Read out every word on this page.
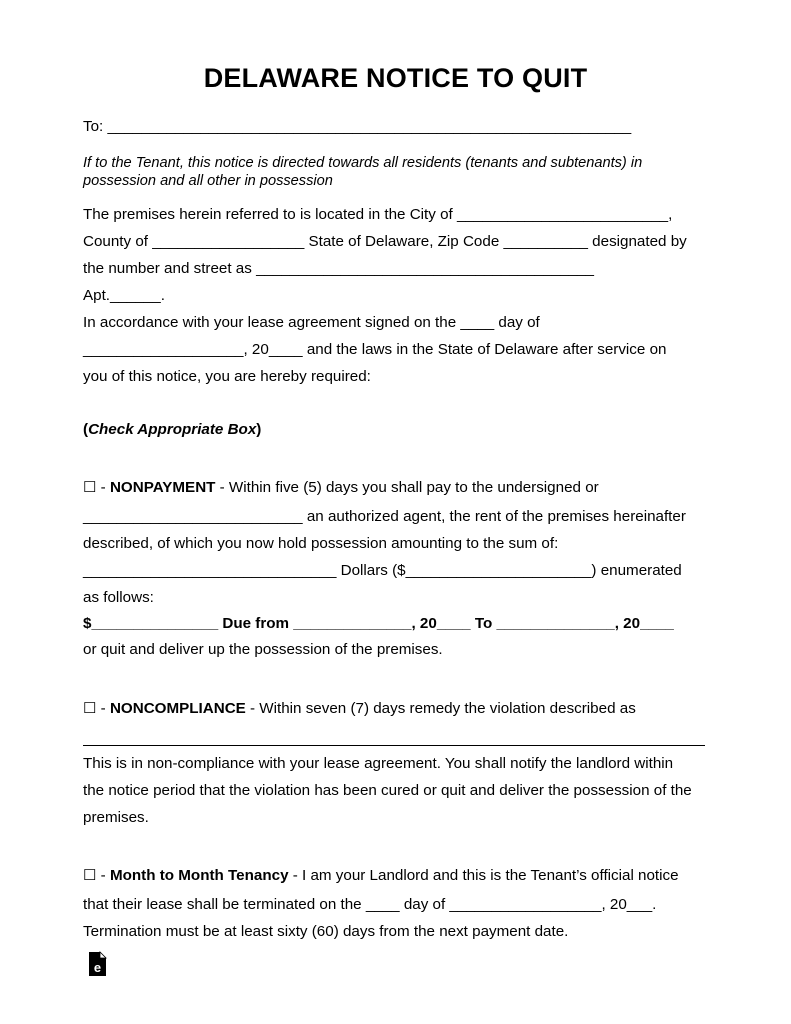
DELAWARE NOTICE TO QUIT
To: ______________________________________________________________
If to the Tenant, this notice is directed towards all residents (tenants and subtenants) in
possession and all other in possession
The premises herein referred to is located in the City of _________________________,
County of __________________ State of Delaware, Zip Code __________ designated by
the number and street as ________________________________________
Apt.______.
In accordance with your lease agreement signed on the ____ day of
___________________, 20____ and the laws in the State of Delaware after service on
you of this notice, you are hereby required:
(Check Appropriate Box)
☐ - NONPAYMENT - Within five (5) days you shall pay to the undersigned or
__________________________ an authorized agent, the rent of the premises hereinafter
described, of which you now hold possession amounting to the sum of:
______________________________ Dollars ($______________________) enumerated
as follows:
$_______________ Due from ______________, 20____ To ______________, 20____
or quit and deliver up the possession of the premises.
☐ - NONCOMPLIANCE - Within seven (7) days remedy the violation described as
This is in non-compliance with your lease agreement. You shall notify the landlord within
the notice period that the violation has been cured or quit and deliver the possession of the
premises.
☐ - Month to Month Tenancy - I am your Landlord and this is the Tenant’s official notice
that their lease shall be terminated on the ____ day of __________________, 20___.
Termination must be at least sixty (60) days from the next payment date.
e
